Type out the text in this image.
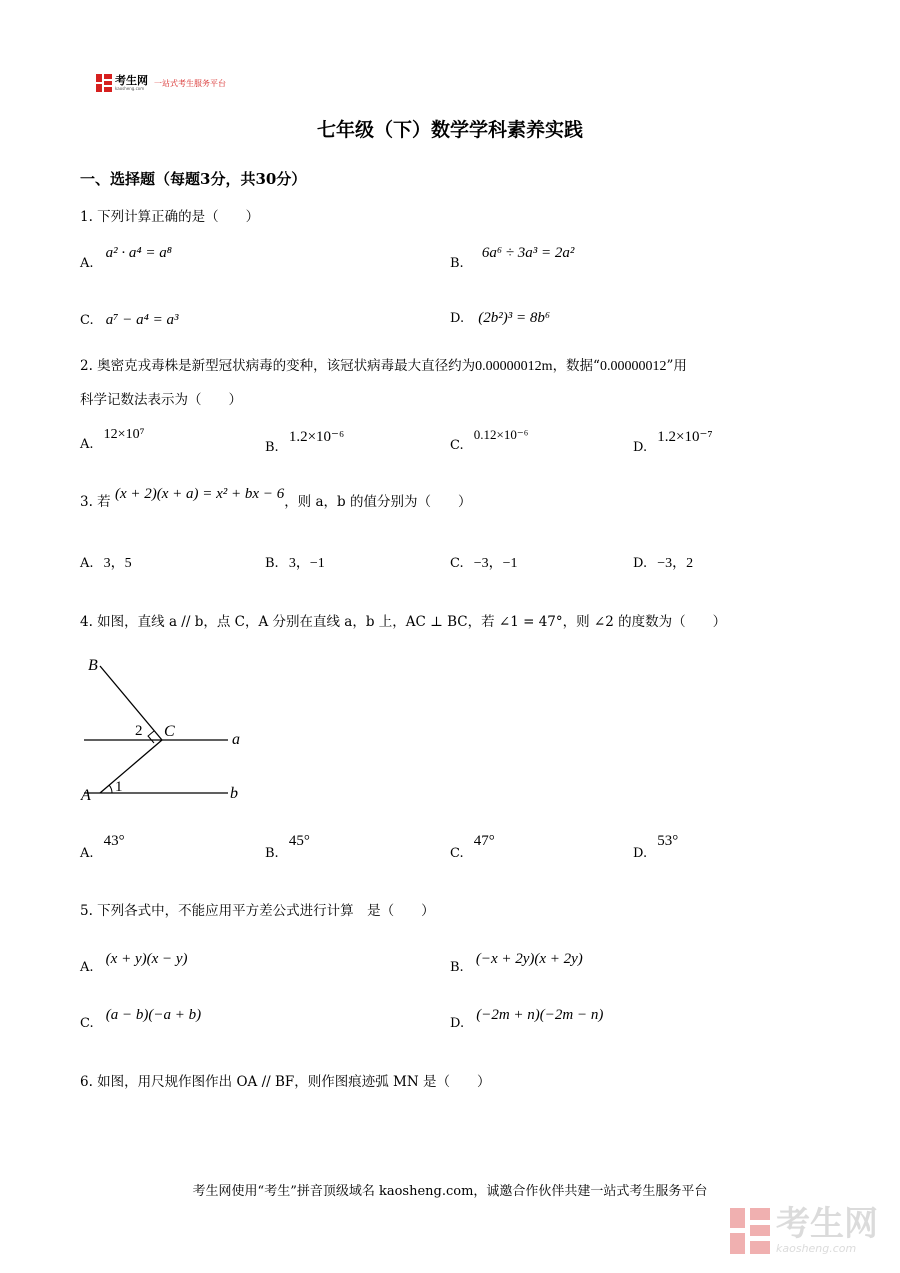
考生网
kaosheng.com
一站式考生服务平台
七年级（下）数学学科素养实践
一、选择题（每题3分，共30分）
1. 下列计算正确的是（　　）
A. a² · a⁴ = a⁸
B. 6a⁶ ÷ 3a³ = 2a²
C. a⁷ − a⁴ = a³	D. (2b²)³ = 8b⁶
2. 奥密克戎毒株是新型冠状病毒的变种，该冠状病毒最大直径约为0.00000012m，数据“0.00000012”用
科学记数法表示为（　　）
A. 12×10⁷
B. 1.2×10⁻⁶
C. 0.12×10⁻⁶
D. 1.2×10⁻⁷
3. 若 (x + 2)(x + a) = x² + bx − 6，则 a，b 的值分别为（　　）
A. 3，5	B. 3，−1	C. −3，−1	D. −3，2
4. 如图，直线 a // b，点 C，A 分别在直线 a，b 上，AC ⊥ BC，若 ∠1 = 47°，则 ∠2 的度数为（　　）
B
C
A
a
b
1
2
A. 43°
B. 45°
C. 47°
D. 53°
5. 下列各式中，不能应用平方差公式进行计算　是（　　）
A. (x + y)(x − y)
B. (−x + 2y)(x + 2y)
C. (a − b)(−a + b)
D. (−2m + n)(−2m − n)
6. 如图，用尺规作图作出 OA // BF，则作图痕迹弧 MN 是（　　）
考生网使用“考生”拼音顶级域名 kaosheng.com，诚邀合作伙伴共建一站式考生服务平台
考生网
kaosheng.com
